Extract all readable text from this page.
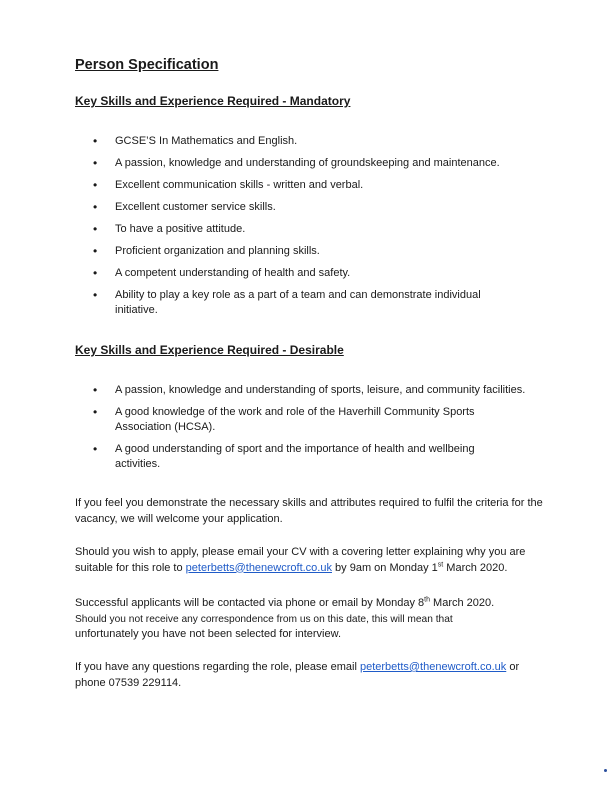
Person Specification
Key Skills and Experience Required - Mandatory
• GCSE’S In Mathematics and English.
• A passion, knowledge and understanding of groundskeeping and maintenance.
• Excellent communication skills - written and verbal.
• Excellent customer service skills.
• To have a positive attitude.
• Proficient organization and planning skills.
• A competent understanding of health and safety.
• Ability to play a key role as a part of a team and can demonstrate individual initiative.
Key Skills and Experience Required - Desirable
• A passion, knowledge and understanding of sports, leisure, and community facilities.
• A good knowledge of the work and role of the Haverhill Community Sports Association (HCSA).
• A good understanding of sport and the importance of health and wellbeing activities.

If you feel you demonstrate the necessary skills and attributes required to fulfil the criteria for the vacancy, we will welcome your application.

Should you wish to apply, please email your CV with a covering letter explaining why you are suitable for this role to peterbetts@thenewcroft.co.uk by 9am on Monday 1st March 2020.

Successful applicants will be contacted via phone or email by Monday 8th March 2020.
Should you not receive any correspondence from us on this date, this will mean that
unfortunately you have not been selected for interview.

If you have any questions regarding the role, please email peterbetts@thenewcroft.co.uk or phone 07539 229114.
